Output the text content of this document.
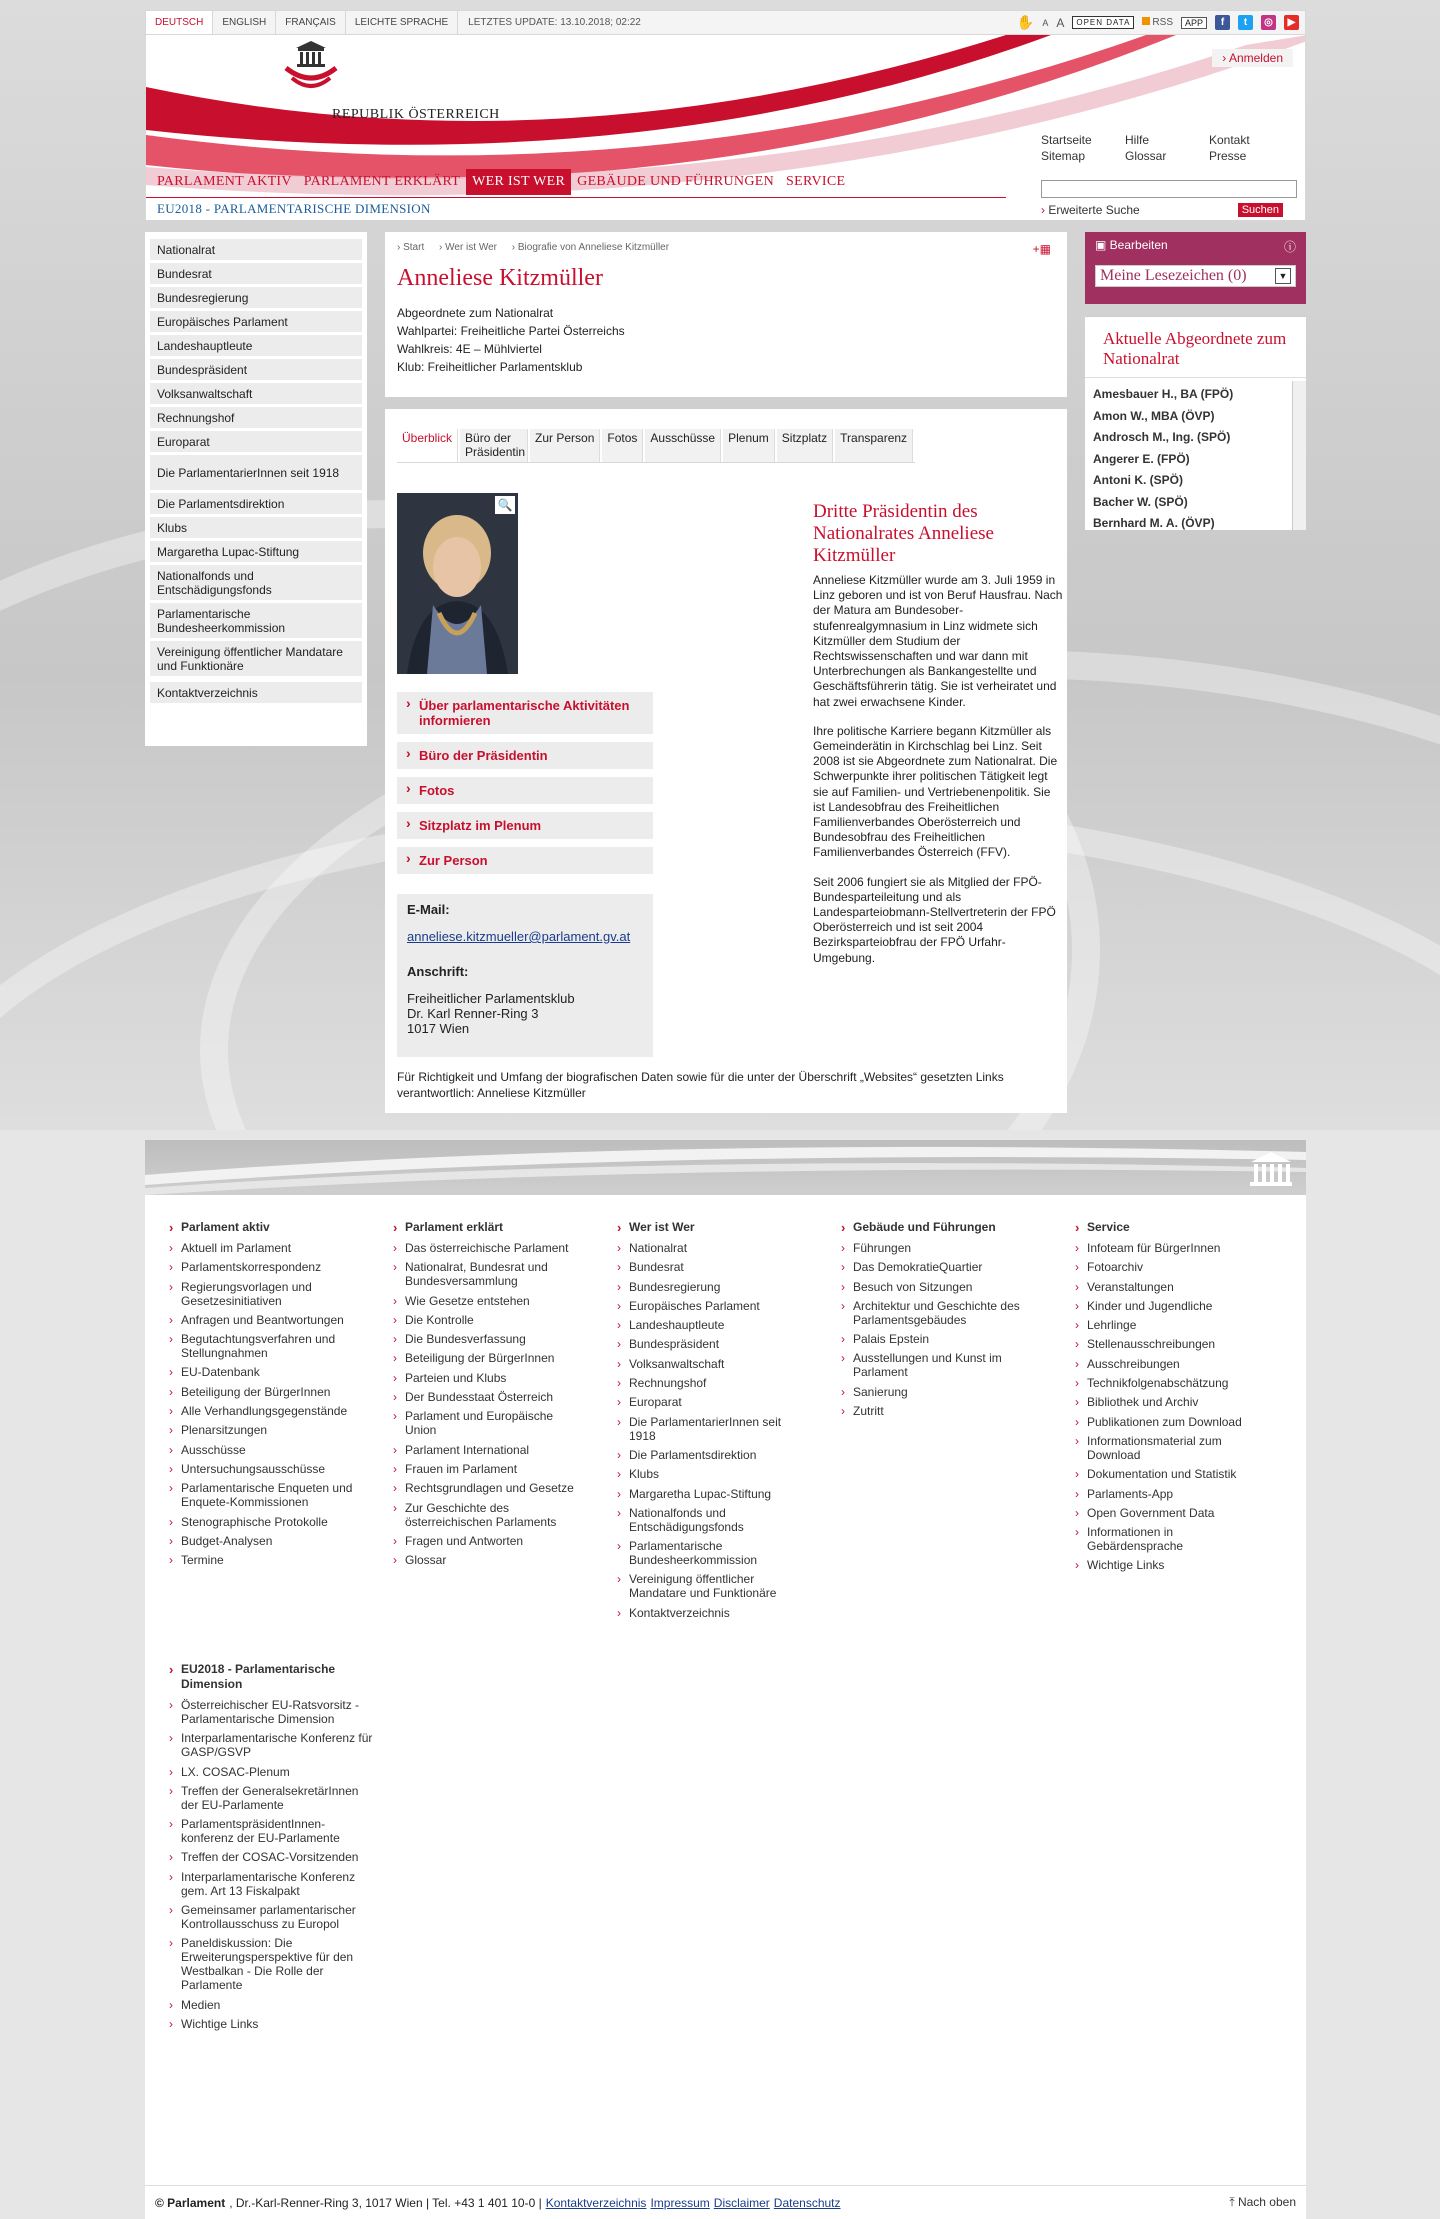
DEUTSCH	ENGLISH	FRANÇAIS	LEICHTE SPRACHE	LETZTES UPDATE: 13.10.2018; 02:22	✋ A A	OPEN DATA	RSS	APP	f	t	◎	▶
REPUBLIK ÖSTERREICH
Parlament
› Anmelden
Startseite	Hilfe	Kontakt
Sitemap	Glossar	Presse
PARLAMENT AKTIV PARLAMENT ERKLÄRT WER IST WER GEBÄUDE UND FÜHRUNGEN SERVICE
EU2018 - PARLAMENTARISCHE DIMENSION	› Erweiterte Suche	Suchen
Nationalrat
Bundesrat
Bundesregierung
Europäisches Parlament
Landeshauptleute
Bundespräsident
Volksanwaltschaft
Rechnungshof
Europarat
Die ParlamentarierInnen seit 1918
Die Parlamentsdirektion
Klubs
Margaretha Lupac-Stiftung
Nationalfonds und Entschädigungsfonds
Parlamentarische Bundesheerkommission
Vereinigung öffentlicher Mandatare und Funktionäre
Kontaktverzeichnis
› Start › Wer ist Wer › Biografie von Anneliese Kitzmüller	+▦
Anneliese Kitzmüller
Abgeordnete zum Nationalrat
Wahlpartei: Freiheitliche Partei Österreichs
Wahlkreis: 4E – Mühlviertel
Klub: Freiheitlicher Parlamentsklub
Überblick	Büro der Präsidentin
Zur Person	Fotos	Ausschüsse	Plenum	Sitzplatz	Transparenz
🔍
› Über parlamentarische Aktivitäten informieren
› Büro der Präsidentin
› Fotos
› Sitzplatz im Plenum
› Zur Person
E-Mail:
anneliese.kitzmueller@parlament.gv.at
Anschrift:
Freiheitlicher Parlamentsklub
Dr. Karl Renner-Ring 3
1017 Wien
Dritte Präsidentin des Nationalrates Anneliese Kitzmüller

Anneliese Kitzmüller wurde am 3. Juli 1959 in Linz geboren und ist von Beruf Hausfrau. Nach der Matura am Bundesoberstufenrealgymnasium in Linz widmete sich Kitzmüller dem Studium der Rechtswissenschaften und war dann mit Unterbrechungen als Bankangestellte und Geschäftsführerin tätig. Sie ist verheiratet und hat zwei erwachsene Kinder.

Ihre politische Karriere begann Kitzmüller als Gemeinderätin in Kirchschlag bei Linz. Seit 2008 ist sie Abgeordnete zum Nationalrat. Die Schwerpunkte ihrer politischen Tätigkeit legt sie auf Familien- und Vertriebenenpolitik. Sie ist Landesobfrau des Freiheitlichen Familienverbandes Oberösterreich und Bundesobfrau des Freiheitlichen Familienverbandes Österreich (FFV).

Seit 2006 fungiert sie als Mitglied der FPÖ-Bundesparteileitung und als Landesparteiobmann-Stellvertreterin der FPÖ Oberösterreich und ist seit 2004 Bezirksparteiobfrau der FPÖ Urfahr-Umgebung.

Für Richtigkeit und Umfang der biografischen Daten sowie für die unter der Überschrift „Websites“ gesetzten Links verantwortlich: Anneliese Kitzmüller
▣ Bearbeiten	ⓘ
Meine Lesezeichen (0)	▼
Aktuelle Abgeordnete zum Nationalrat
Amesbauer H., BA (FPÖ)
Amon W., MBA (ÖVP)
Androsch M., Ing. (SPÖ)
Angerer E. (FPÖ)
Antoni K. (SPÖ)
Bacher W. (SPÖ)
Bernhard M. A. (ÖVP)
› Parlament aktiv
› Aktuell im Parlament
› Parlamentskorrespondenz
› Regierungsvorlagen und Gesetzesinitiativen
› Anfragen und Beantwortungen
› Begutachtungsverfahren und Stellungnahmen
› EU-Datenbank
› Beteiligung der BürgerInnen
› Alle Verhandlungsgegenstände
› Plenarsitzungen
› Ausschüsse
› Untersuchungsausschüsse
› Parlamentarische Enqueten und Enquete-Kommissionen
› Stenographische Protokolle
› Budget-Analysen
› Termine
› Parlament erklärt
› Das österreichische Parlament
› Nationalrat, Bundesrat und Bundesversammlung
› Wie Gesetze entstehen
› Die Kontrolle
› Die Bundesverfassung
› Beteiligung der BürgerInnen
› Parteien und Klubs
› Der Bundesstaat Österreich
› Parlament und Europäische Union
› Parlament International
› Frauen im Parlament
› Rechtsgrundlagen und Gesetze
› Zur Geschichte des österreichischen Parlaments
› Fragen und Antworten
› Glossar
› Wer ist Wer
› Nationalrat
› Bundesrat
› Bundesregierung
› Europäisches Parlament
› Landeshauptleute
› Bundespräsident
› Volksanwaltschaft
› Rechnungshof
› Europarat
› Die ParlamentarierInnen seit 1918
› Die Parlamentsdirektion
› Klubs
› Margaretha Lupac-Stiftung
› Nationalfonds und Entschädigungsfonds
› Parlamentarische Bundesheerkommission
› Vereinigung öffentlicher Mandatare und Funktionäre
› Kontaktverzeichnis
› Gebäude und Führungen
› Führungen
› Das DemokratieQuartier
› Besuch von Sitzungen
› Architektur und Geschichte des Parlamentsgebäudes
› Palais Epstein
› Ausstellungen und Kunst im Parlament
› Sanierung
› Zutritt
› Service
› Infoteam für BürgerInnen
› Fotoarchiv
› Veranstaltungen
› Kinder und Jugendliche
› Lehrlinge
› Stellenausschreibungen
› Ausschreibungen
› Technikfolgenabschätzung
› Bibliothek und Archiv
› Publikationen zum Download
› Informationsmaterial zum Download
› Dokumentation und Statistik
› Parlaments-App
› Open Government Data
› Informationen in Gebärdensprache
› Wichtige Links
› EU2018 - Parlamentarische Dimension
› Österreichischer EU-Ratsvorsitz - Parlamentarische Dimension
› Interparlamentarische Konferenz für GASP/GSVP
› LX. COSAC-Plenum
› Treffen der GeneralsekretärInnen der EU-Parlamente
› ParlamentspräsidentInnen-konferenz der EU-Parlamente
› Treffen der COSAC-Vorsitzenden
› Interparlamentarische Konferenz gem. Art 13 Fiskalpakt
› Gemeinsamer parlamentarischer Kontrollausschuss zu Europol
› Paneldiskussion: Die Erweiterungsperspektive für den Westbalkan - Die Rolle der Parlamente
› Medien
› Wichtige Links
© Parlament , Dr.-Karl-Renner-Ring 3, 1017 Wien | Tel. +43 1 401 10-0 | Kontaktverzeichnis Impressum Disclaimer Datenschutz	⤒ Nach oben
